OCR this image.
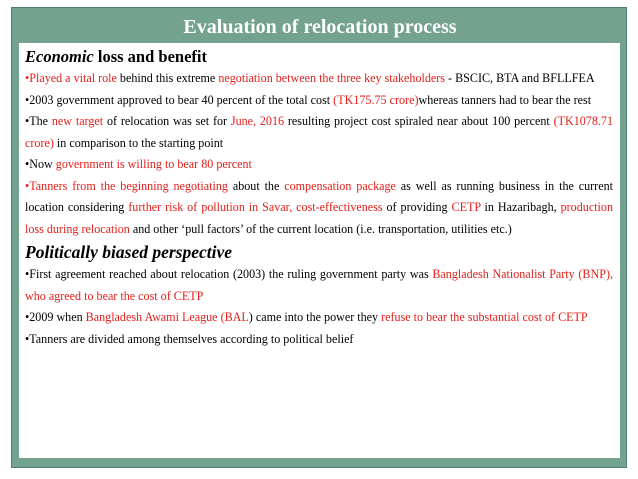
Evaluation of relocation process

Economic loss and benefit

•Played a vital role behind this extreme negotiation between the three key stakeholders - BSCIC, BTA and BFLLFEA

•2003 government approved to bear 40 percent of the total cost (TK175.75 crore)whereas tanners had to bear the rest

•The new target of relocation was set for June, 2016 resulting project cost spiraled near about 100 percent (TK1078.71 crore) in comparison to the starting point

•Now government is willing to bear 80 percent

•Tanners from the beginning negotiating about the compensation package as well as running business in the current location considering further risk of pollution in Savar, cost-effectiveness of providing CETP in Hazaribagh, production loss during relocation and other ‘pull factors’ of the current location (i.e. transportation, utilities etc.)

Politically biased perspective

•First agreement reached about relocation (2003) the ruling government party was Bangladesh Nationalist Party (BNP), who agreed to bear the cost of CETP

•2009 when Bangladesh Awami League (BAL) came into the power they refuse to bear the substantial cost of CETP

•Tanners are divided among themselves according to political belief
